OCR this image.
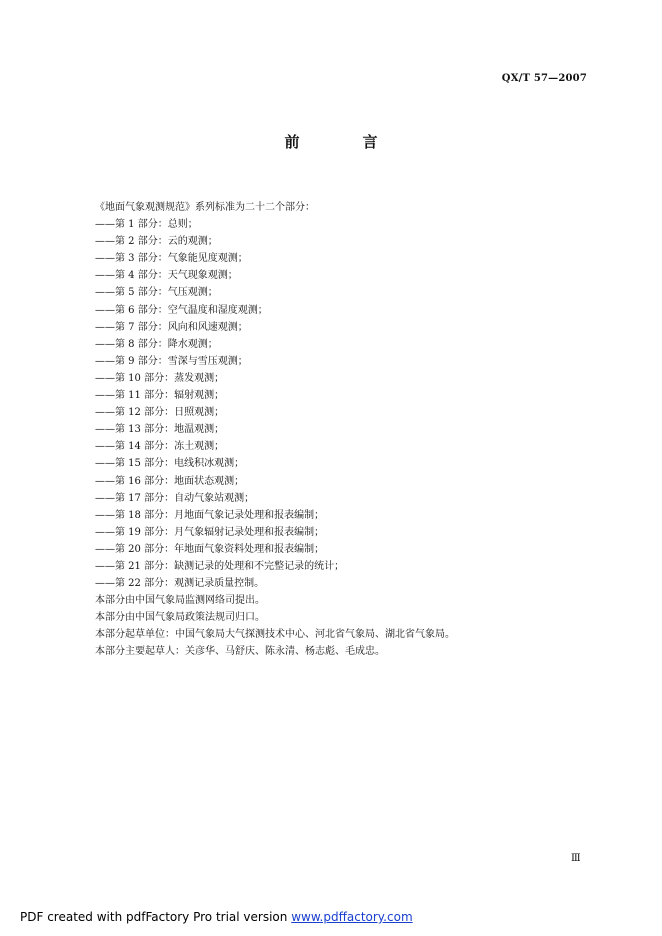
QX/T 57—2007
前　言
《地面气象观测规范》系列标准为二十二个部分：
——第 1 部分：总则；
——第 2 部分：云的观测；
——第 3 部分：气象能见度观测；
——第 4 部分：天气现象观测；
——第 5 部分：气压观测；
——第 6 部分：空气温度和湿度观测；
——第 7 部分：风向和风速观测；
——第 8 部分：降水观测；
——第 9 部分：雪深与雪压观测；
——第 10 部分：蒸发观测；
——第 11 部分：辐射观测；
——第 12 部分：日照观测；
——第 13 部分：地温观测；
——第 14 部分：冻土观测；
——第 15 部分：电线积冰观测；
——第 16 部分：地面状态观测；
——第 17 部分：自动气象站观测；
——第 18 部分：月地面气象记录处理和报表编制；
——第 19 部分：月气象辐射记录处理和报表编制；
——第 20 部分：年地面气象资料处理和报表编制；
——第 21 部分：缺测记录的处理和不完整记录的统计；
——第 22 部分：观测记录质量控制。
本部分由中国气象局监测网络司提出。
本部分由中国气象局政策法规司归口。
本部分起草单位：中国气象局大气探测技术中心、河北省气象局、湖北省气象局。
本部分主要起草人：关彦华、马舒庆、陈永清、杨志彪、毛成忠。
Ⅲ
PDF created with pdfFactory Pro trial version www.pdffactory.com
